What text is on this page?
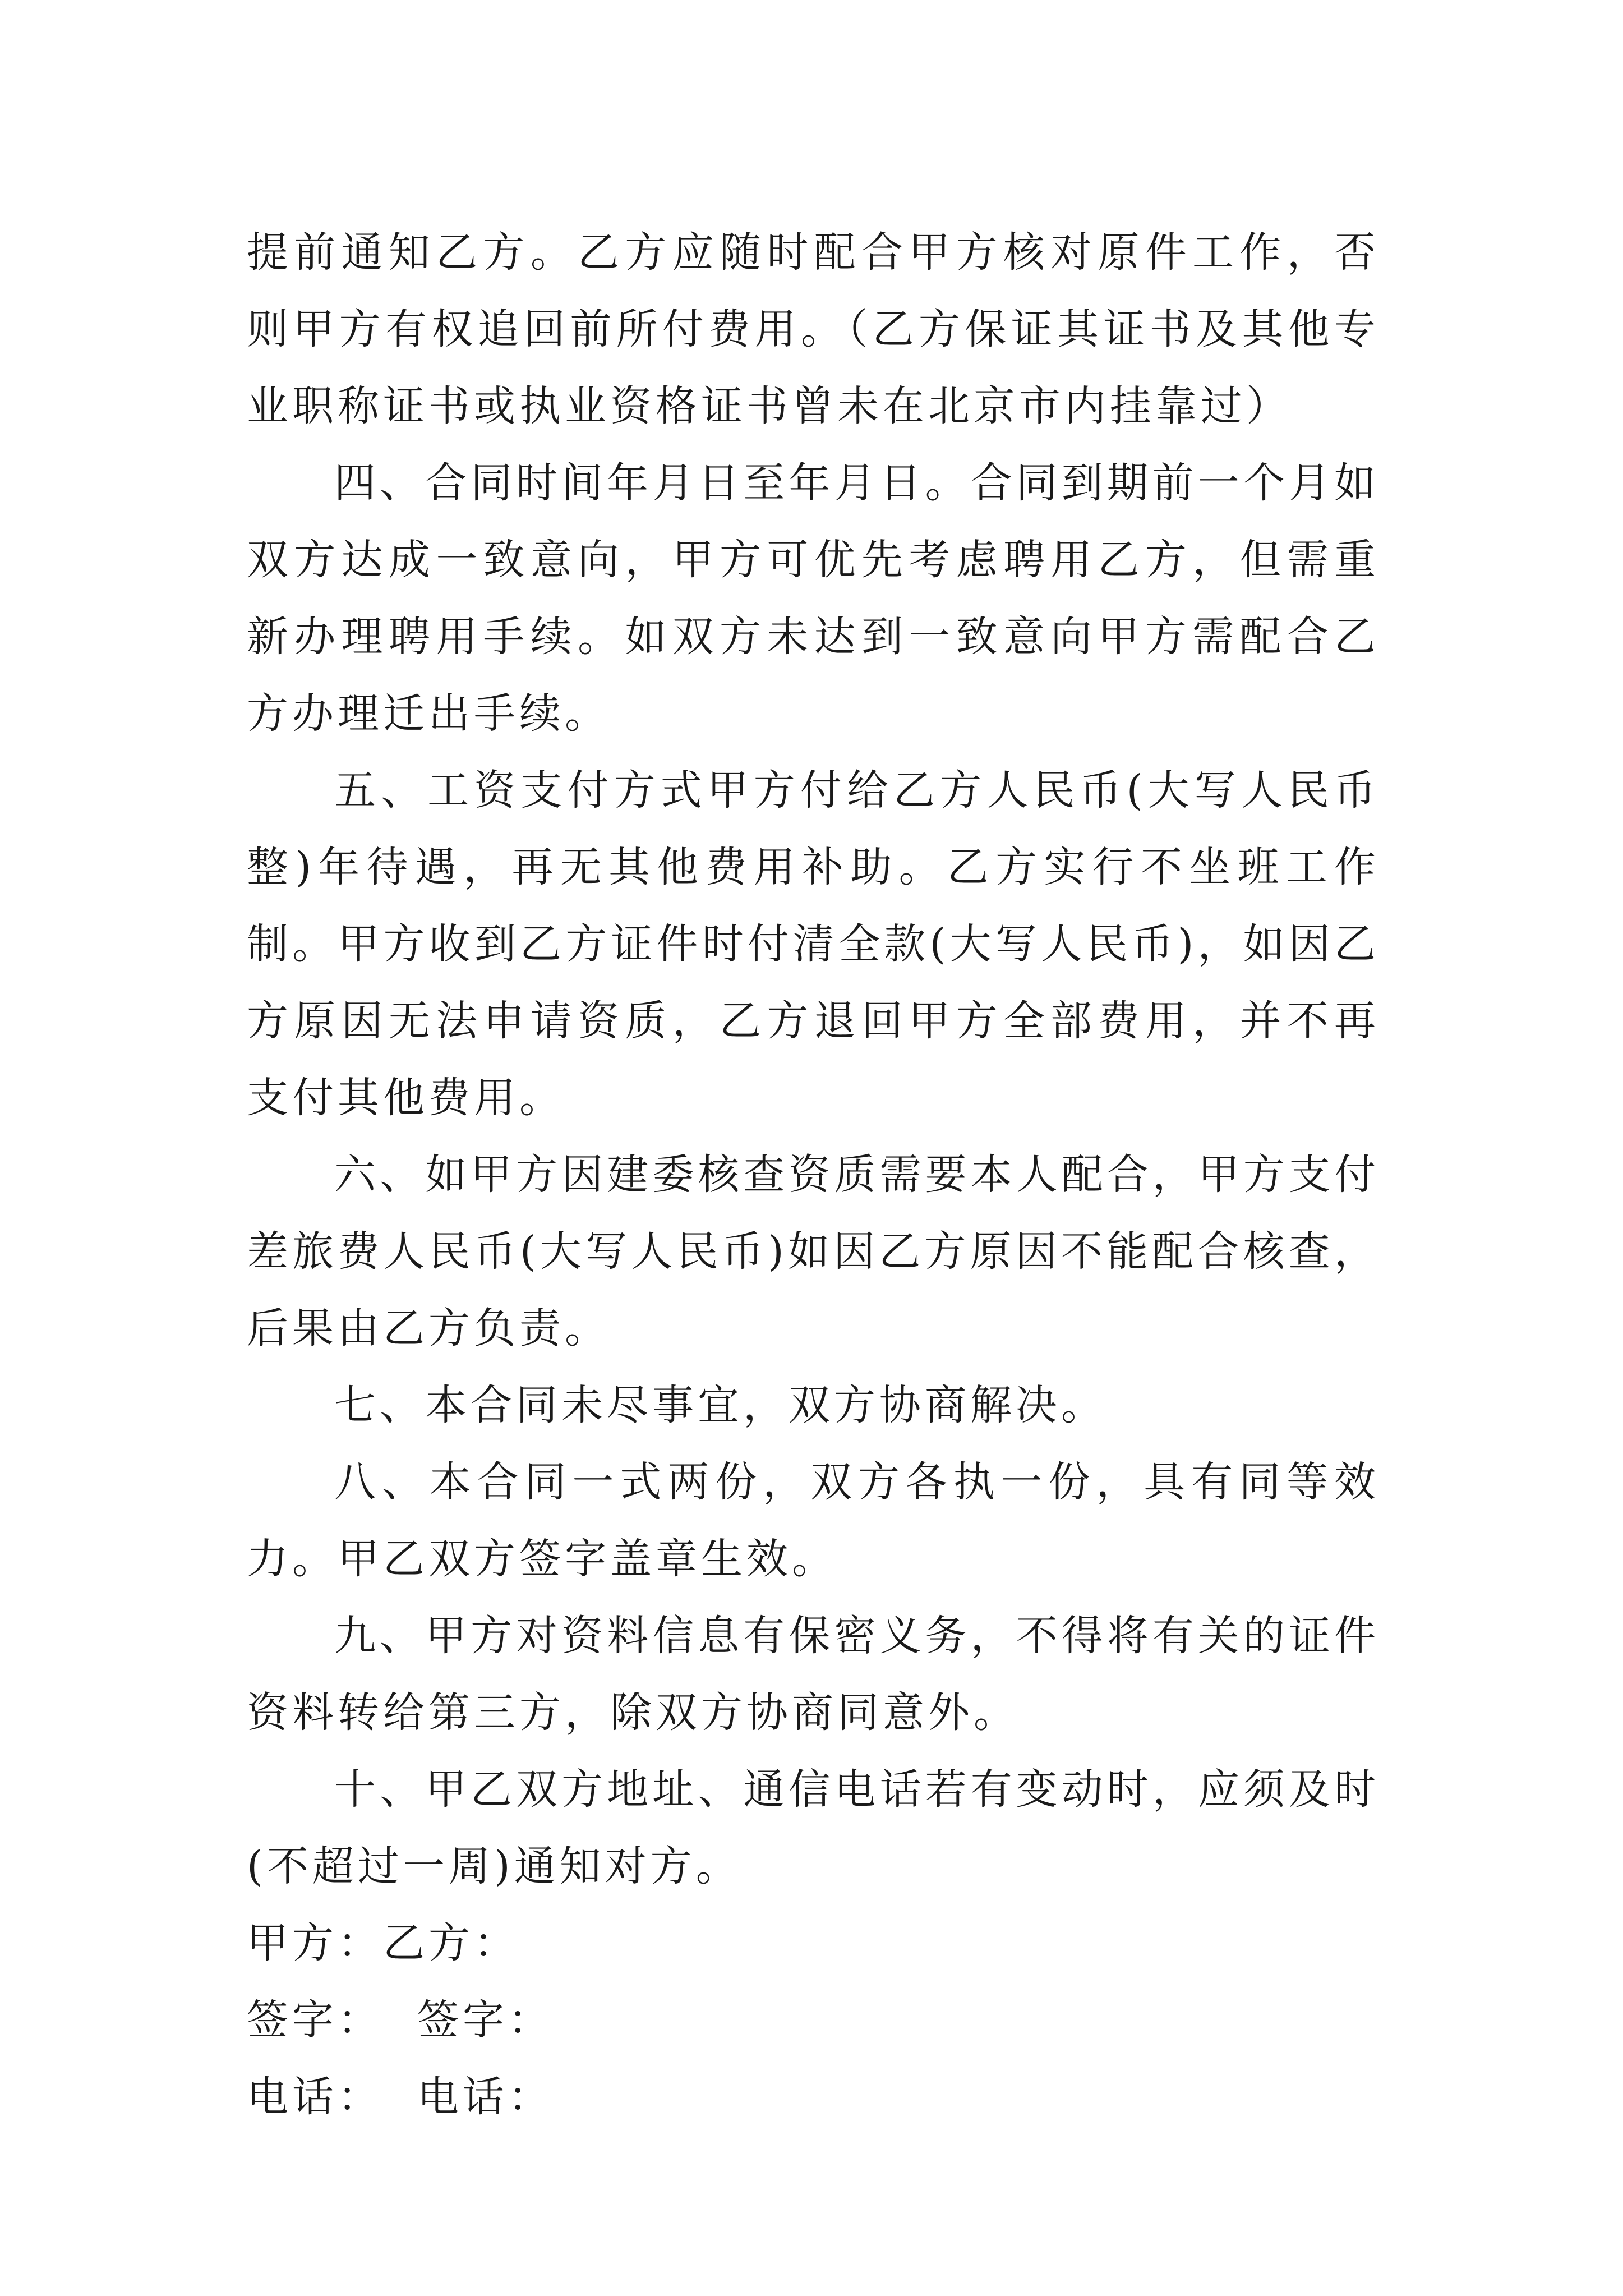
提前通知乙方。乙方应随时配合甲方核对原件工作，否则甲方有权追回前所付费用。（乙方保证其证书及其他专业职称证书或执业资格证书曾未在北京市内挂靠过）

四、合同时间年月日至年月日。合同到期前一个月如双方达成一致意向，甲方可优先考虑聘用乙方，但需重新办理聘用手续。如双方未达到一致意向甲方需配合乙方办理迁出手续。

五、工资支付方式甲方付给乙方人民币(大写人民币整)年待遇，再无其他费用补助。乙方实行不坐班工作制。甲方收到乙方证件时付清全款(大写人民币)，如因乙方原因无法申请资质，乙方退回甲方全部费用，并不再支付其他费用。

六、如甲方因建委核查资质需要本人配合，甲方支付差旅费人民币(大写人民币)如因乙方原因不能配合核查，后果由乙方负责。

七、本合同未尽事宜，双方协商解决。

八、本合同一式两份，双方各执一份，具有同等效力。甲乙双方签字盖章生效。

九、甲方对资料信息有保密义务，不得将有关的证件资料转给第三方，除双方协商同意外。

十、甲乙双方地址、通信电话若有变动时，应须及时(不超过一周)通知对方。

甲方：乙方：

签字：  签字：

电话：  电话：
